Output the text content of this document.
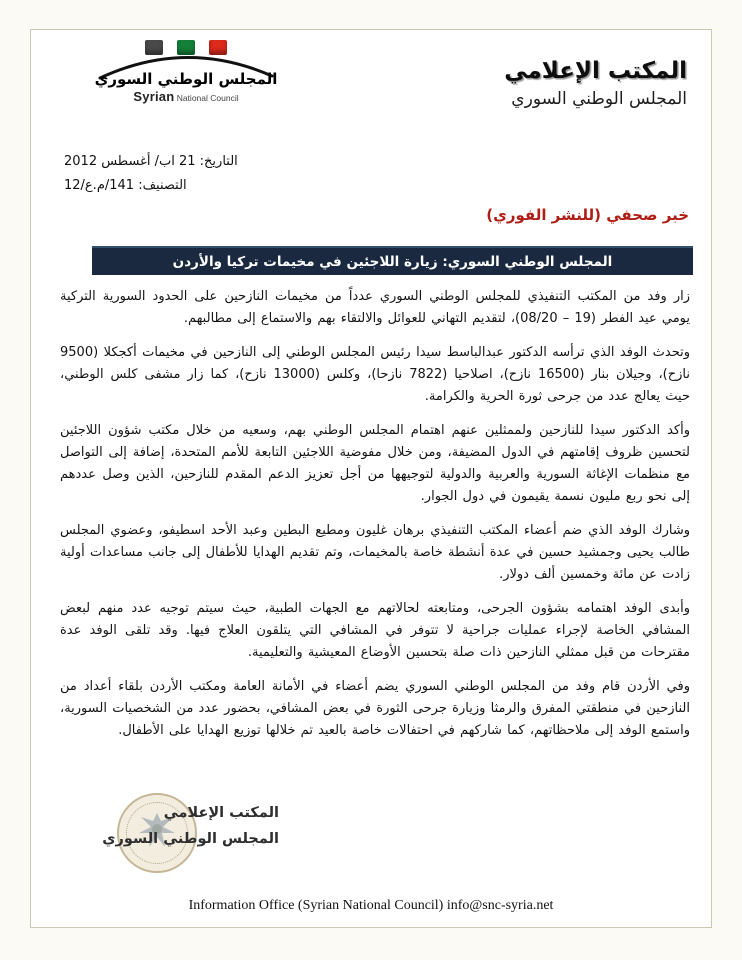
المجلس الوطني السوري
Syrian National Council
المكتب الإعلامي
المجلس الوطني السوري
التاريخ: 21 اب/ أغسطس 2012
التصنيف: 141/م.ع/12
خبر صحفي (للنشر الفوري)
المجلس الوطني السوري: زيارة اللاجئين في مخيمات تركيا والأردن

زار وفد من المكتب التنفيذي للمجلس الوطني السوري عدداً من مخيمات النازحين على الحدود السورية التركية يومي عيد الفطر (19 – 08/20)، لتقديم التهاني للعوائل والالتقاء بهم والاستماع إلى مطالبهم.

وتحدث الوفد الذي ترأسه الدكتور عبدالباسط سيدا رئيس المجلس الوطني إلى النازحين في مخيمات أكجكلا (9500 نازح)، وجيلان بنار (16500 نازح)، اصلاحيا (7822 نازحا)، وكلس (13000 نازح)، كما زار مشفى كلس الوطني، حيث يعالج عدد من جرحى ثورة الحرية والكرامة.

وأكد الدكتور سيدا للنازحين ولممثلين عنهم اهتمام المجلس الوطني بهم، وسعيه من خلال مكتب شؤون اللاجئين لتحسين ظروف إقامتهم في الدول المضيفة، ومن خلال مفوضية اللاجئين التابعة للأمم المتحدة، إضافة إلى التواصل مع منظمات الإغاثة السورية والعربية والدولية لتوجيهها من أجل تعزيز الدعم المقدم للنازحين، الذين وصل عددهم إلى نحو ربع مليون نسمة يقيمون في دول الجوار.

وشارك الوفد الذي ضم أعضاء المكتب التنفيذي برهان غليون ومطيع البطين وعبد الأحد اسطيفو، وعضوي المجلس طالب يحيى وجمشيد حسين في عدة أنشطة خاصة بالمخيمات، وتم تقديم الهدايا للأطفال إلى جانب مساعدات أولية زادت عن مائة وخمسين ألف دولار.

وأبدى الوفد اهتمامه بشؤون الجرحى، ومتابعته لحالاتهم مع الجهات الطبية، حيث سيتم توجيه عدد منهم لبعض المشافي الخاصة لإجراء عمليات جراحية لا تتوفر في المشافي التي يتلقون العلاج فيها. وقد تلقى الوفد عدة مقترحات من قبل ممثلي النازحين ذات صلة بتحسين الأوضاع المعيشية والتعليمية.

وفي الأردن قام وفد من المجلس الوطني السوري يضم أعضاء في الأمانة العامة ومكتب الأردن بلقاء أعداد من النازحين في منطقتي المفرق والرمثا وزيارة جرحى الثورة في بعض المشافي، بحضور عدد من الشخصيات السورية، واستمع الوفد إلى ملاحظاتهم، كما شاركهم في احتفالات خاصة بالعيد تم خلالها توزيع الهدايا على الأطفال.

المكتب الإعلامي
المجلس الوطني السوري
Information Office (Syrian National Council) info@snc-syria.net
